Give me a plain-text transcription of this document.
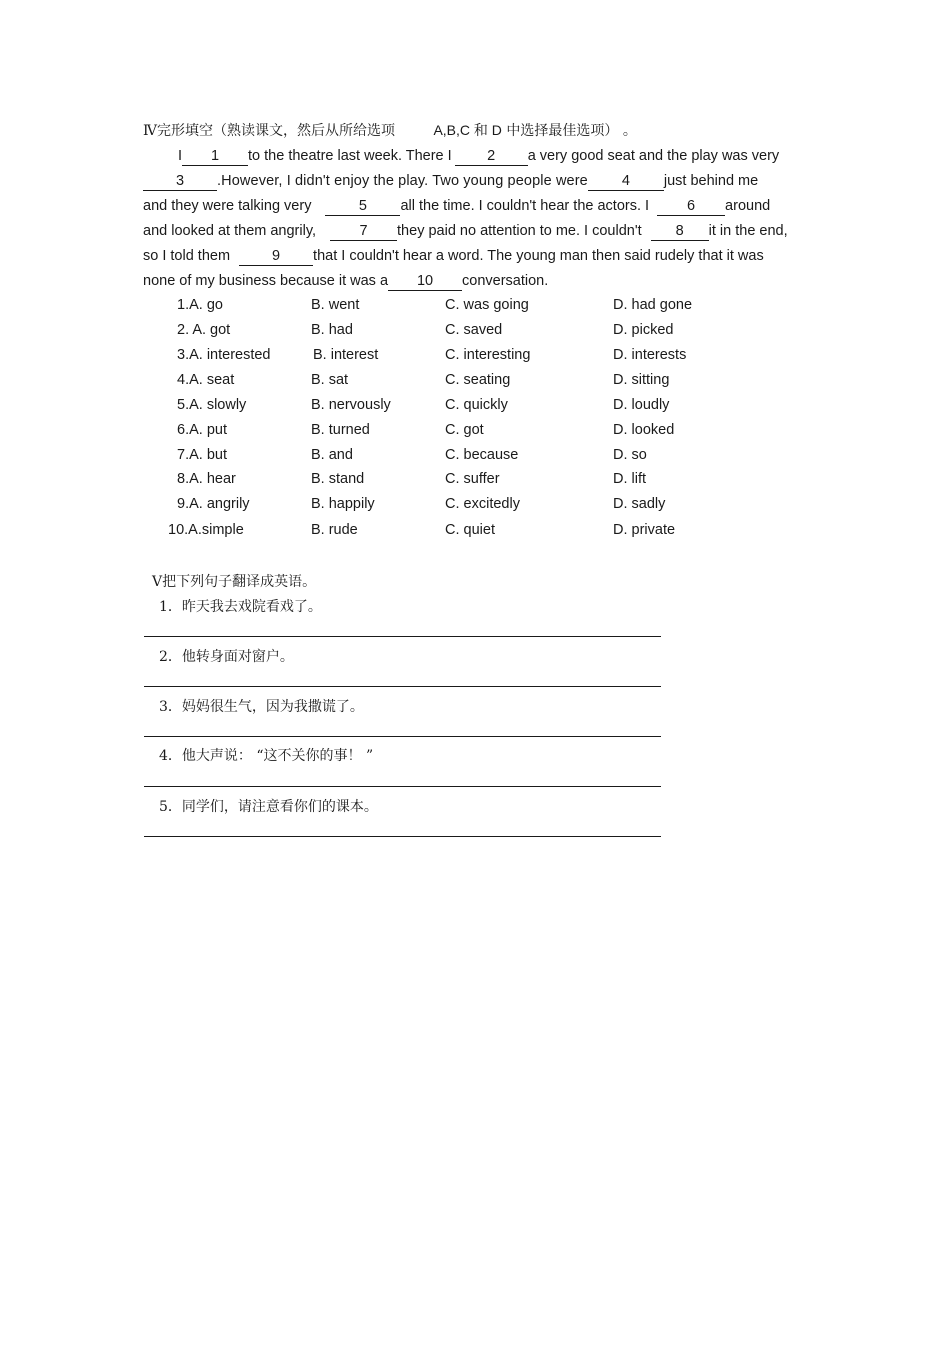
Ⅳ完形填空（熟读课文，然后从所给选项	A,B,C 和 D 中选择最佳选项） 。
I 1 to the theatre last week. There I 2 a very good seat and the play was very
3 .However, I didn't enjoy the play. Two young people were 4 just behind me
and they were talking very	5 all the time. I couldn't hear the actors. I	6 around
and looked at them angrily,	7 they paid no attention to me. I couldn't 8 it in the end,
so I told them	9 that I couldn't hear a word. The young man then said rudely that it was
none of my business because it was a 10 conversation.
1.A. go	B. went	C. was going	D. had gone
2. A. got	B. had	C. saved	D. picked
3.A. interested	B. interest	C. interesting	D. interests
4.A. seat	B. sat	C. seating	D. sitting
5.A. slowly	B. nervously	C. quickly	D. loudly
6.A. put	B. turned	C. got	D. looked
7.A. but	B. and	C. because	D. so
8.A. hear	B. stand	C. suffer	D. lift
9.A. angrily	B. happily	C. excitedly	D. sadly
10.A.simple	B. rude	C. quiet	D. private
Ⅴ把下列句子翻译成英语。
1．昨天我去戏院看戏了。
2．他转身面对窗户。
3．妈妈很生气，因为我撒谎了。
4．他大声说： “这不关你的事！ ”
5．同学们，请注意看你们的课本。
